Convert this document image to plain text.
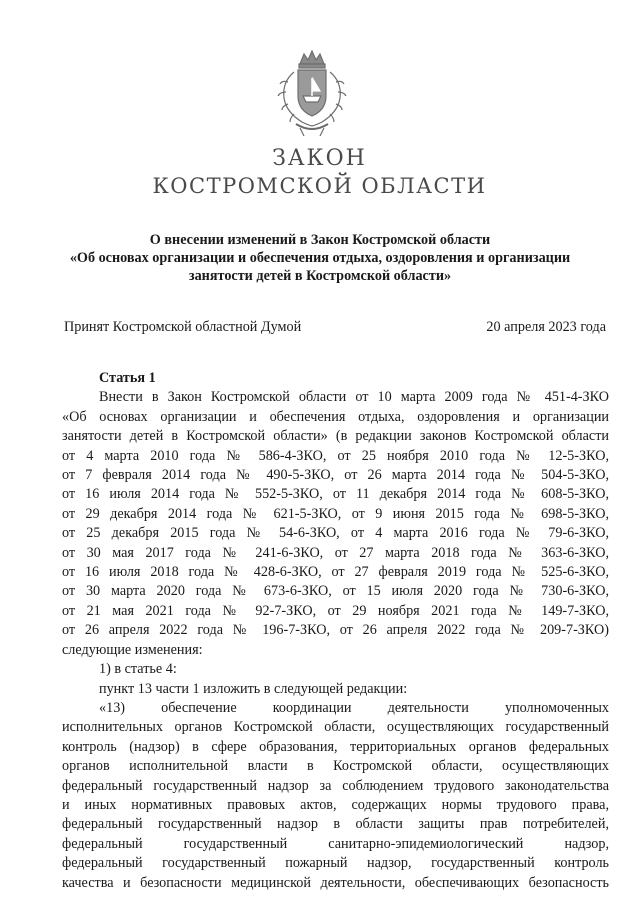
ЗАКОН
КОСТРОМСКОЙ ОБЛАСТИ
О внесении изменений в Закон Костромской области
«Об основах организации и обеспечения отдыха, оздоровления и организации
занятости детей в Костромской области»
Принят Костромской областной Думой	20 апреля 2023 года
Статья 1
Внести в Закон Костромской области от 10 марта 2009 года № 451-4-ЗКО
«Об основах организации и обеспечения отдыха, оздоровления и организации
занятости детей в Костромской области» (в редакции законов Костромской области
от 4 марта 2010 года № 586-4-ЗКО, от 25 ноября 2010 года № 12-5-ЗКО,
от 7 февраля 2014 года № 490-5-ЗКО, от 26 марта 2014 года № 504-5-ЗКО,
от 16 июля 2014 года № 552-5-ЗКО, от 11 декабря 2014 года № 608-5-ЗКО,
от 29 декабря 2014 года № 621-5-ЗКО, от 9 июня 2015 года № 698-5-ЗКО,
от 25 декабря 2015 года № 54-6-ЗКО, от 4 марта 2016 года № 79-6-ЗКО,
от 30 мая 2017 года № 241-6-ЗКО, от 27 марта 2018 года № 363-6-ЗКО,
от 16 июля 2018 года № 428-6-ЗКО, от 27 февраля 2019 года № 525-6-ЗКО,
от 30 марта 2020 года № 673-6-ЗКО, от 15 июля 2020 года № 730-6-ЗКО,
от 21 мая 2021 года № 92-7-ЗКО, от 29 ноября 2021 года № 149-7-ЗКО,
от 26 апреля 2022 года № 196-7-ЗКО, от 26 апреля 2022 года № 209-7-ЗКО)
следующие изменения:
1) в статье 4:
пункт 13 части 1 изложить в следующей редакции:
«13) обеспечение координации деятельности уполномоченных
исполнительных органов Костромской области, осуществляющих государственный
контроль (надзор) в сфере образования, территориальных органов федеральных
органов исполнительной власти в Костромской области, осуществляющих
федеральный государственный надзор за соблюдением трудового законодательства
и иных нормативных правовых актов, содержащих нормы трудового права,
федеральный государственный надзор в области защиты прав потребителей,
федеральный государственный санитарно-эпидемиологический надзор,
федеральный государственный пожарный надзор, государственный контроль
качества и безопасности медицинской деятельности, обеспечивающих безопасность
